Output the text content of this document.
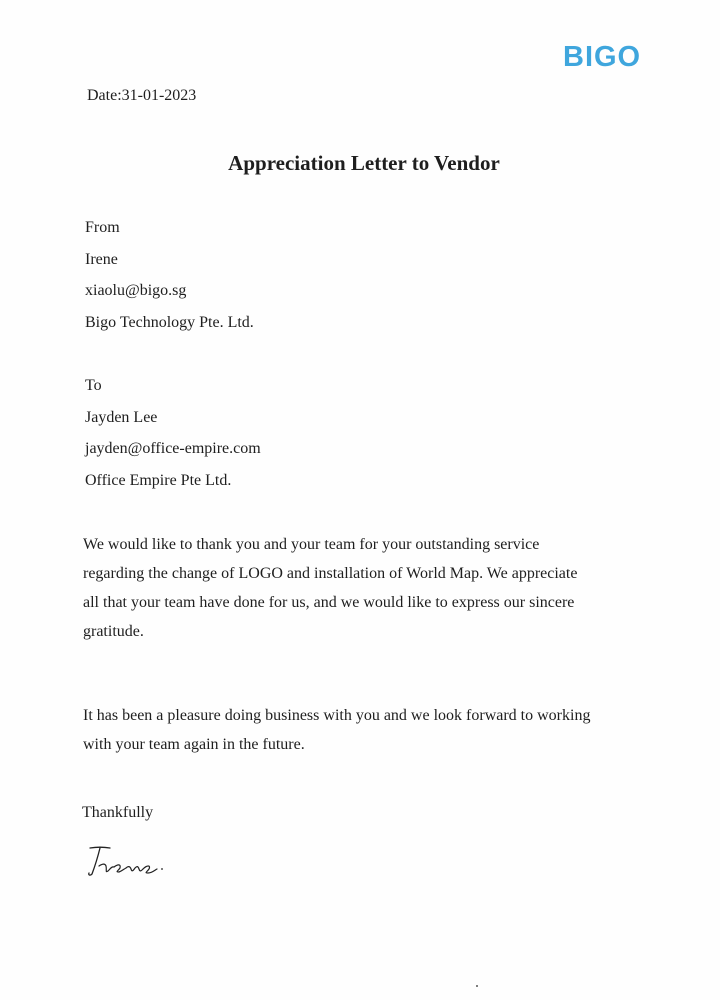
BIGO
Date:31-01-2023
Appreciation Letter to Vendor
From
Irene
xiaolu@bigo.sg
Bigo Technology Pte. Ltd.
To
Jayden Lee
jayden@office-empire.com
Office Empire Pte Ltd.
We would like to thank you and your team for your outstanding service
regarding the change of LOGO and installation of World Map. We appreciate
all that your team have done for us, and we would like to express our sincere
gratitude.
It has been a pleasure doing business with you and we look forward to working
with your team again in the future.
Thankfully
